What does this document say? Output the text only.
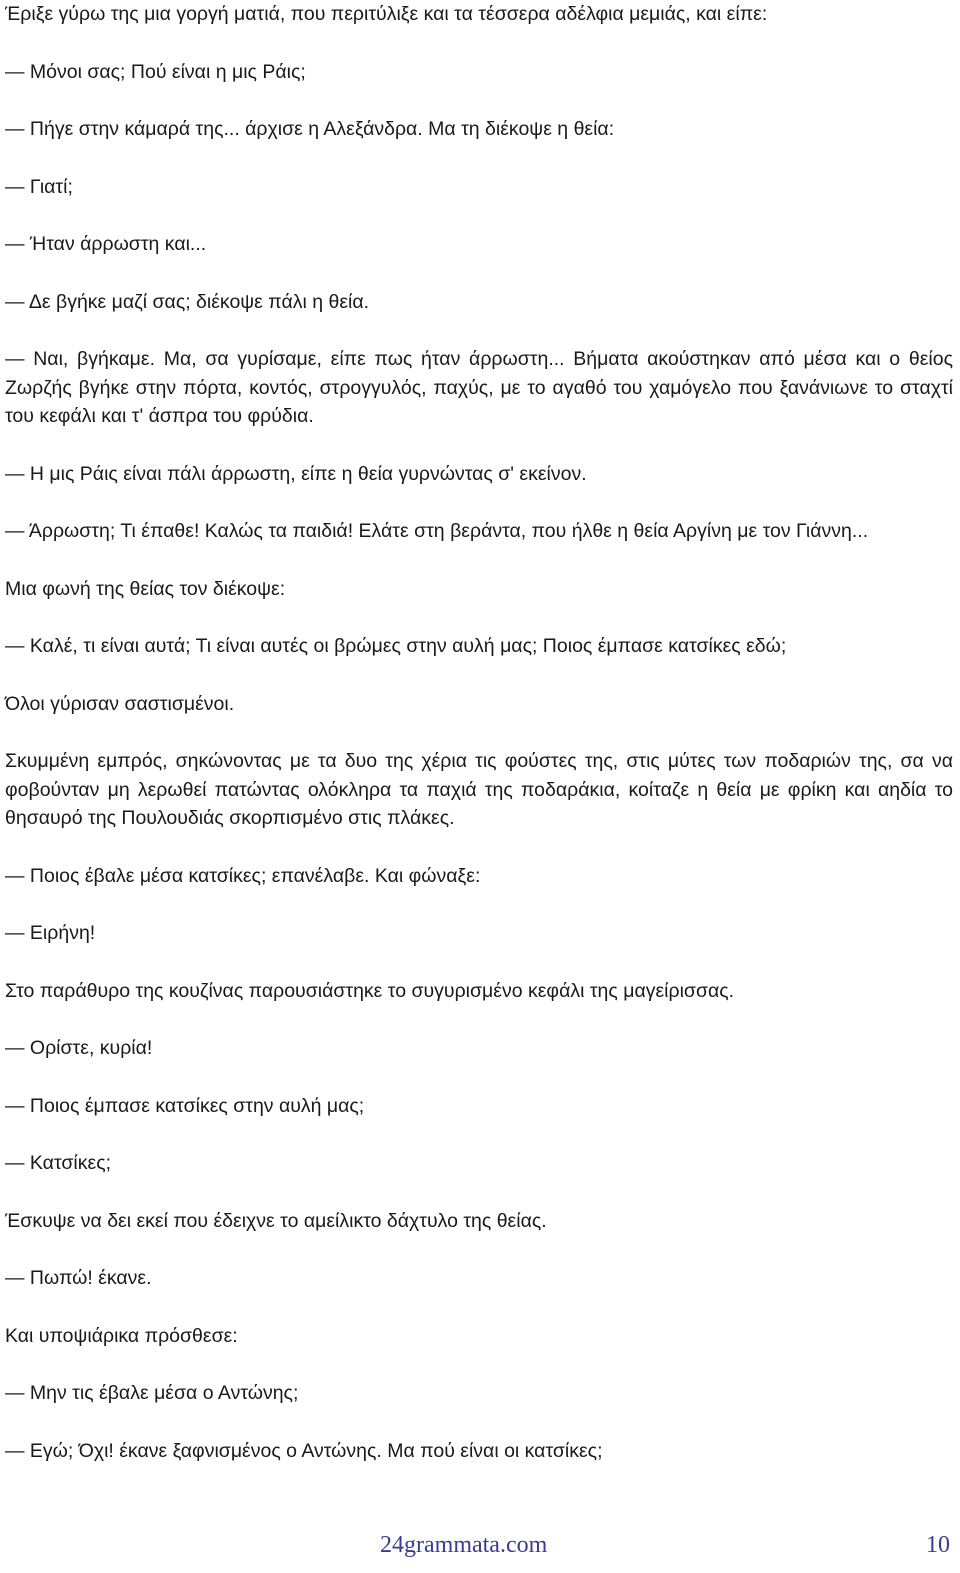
Έριξε γύρω της μια γοργή ματιά, που περιτύλιξε και τα τέσσερα αδέλφια μεμιάς, και είπε:

— Μόνοι σας; Πού είναι η μις Ράις;

— Πήγε στην κάμαρά της... άρχισε η Αλεξάνδρα. Μα τη διέκοψε η θεία:

— Γιατί;

— Ήταν άρρωστη και...

— Δε βγήκε μαζί σας; διέκοψε πάλι η θεία.

— Ναι, βγήκαμε. Μα, σα γυρίσαμε, είπε πως ήταν άρρωστη... Βήματα ακούστηκαν από μέσα και ο θείος Ζωρζής βγήκε στην πόρτα, κοντός, στρογγυλός, παχύς, με το αγαθό του χαμόγελο που ξανάνιωνε το σταχτί του κεφάλι και τ' άσπρα του φρύδια.

— Η μις Ράις είναι πάλι άρρωστη, είπε η θεία γυρνώντας σ' εκείνον.

— Άρρωστη; Τι έπαθε! Καλώς τα παιδιά! Ελάτε στη βεράντα, που ήλθε η θεία Αργίνη με τον Γιάννη...

Μια φωνή της θείας τον διέκοψε:

— Καλέ, τι είναι αυτά; Τι είναι αυτές οι βρώμες στην αυλή μας; Ποιος έμπασε κατσίκες εδώ;

Όλοι γύρισαν σαστισμένοι.

Σκυμμένη εμπρός, σηκώνοντας με τα δυο της χέρια τις φούστες της, στις μύτες των ποδαριών της, σα να φοβούνταν μη λερωθεί πατώντας ολόκληρα τα παχιά της ποδαράκια, κοίταζε η θεία με φρίκη και αηδία το θησαυρό της Πουλουδιάς σκορπισμένο στις πλάκες.

— Ποιος έβαλε μέσα κατσίκες; επανέλαβε. Και φώναξε:

— Ειρήνη!

Στο παράθυρο της κουζίνας παρουσιάστηκε το συγυρισμένο κεφάλι της μαγείρισσας.

— Ορίστε, κυρία!

— Ποιος έμπασε κατσίκες στην αυλή μας;

— Κατσίκες;

Έσκυψε να δει εκεί που έδειχνε το αμείλικτο δάχτυλο της θείας.

— Πωπώ! έκανε.

Και υποψιάρικα πρόσθεσε:

— Μην τις έβαλε μέσα ο Αντώνης;

— Εγώ; Όχι! έκανε ξαφνισμένος ο Αντώνης. Μα πού είναι οι κατσίκες;

24grammata.com	10
